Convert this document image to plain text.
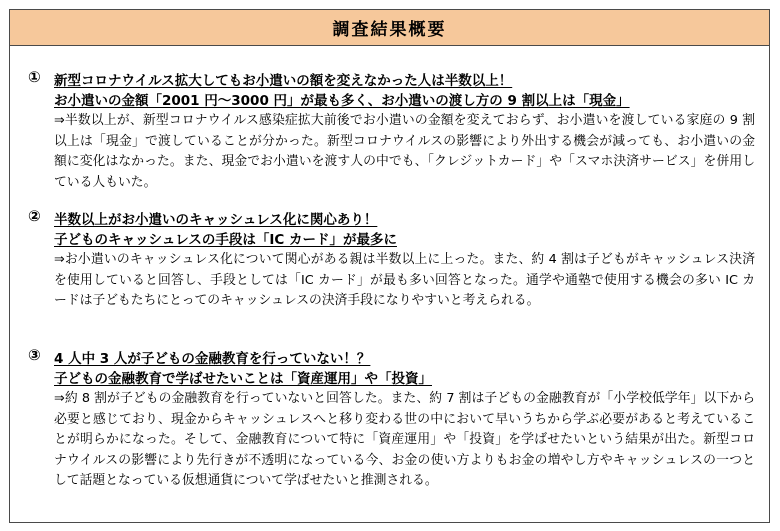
調査結果概要
① 新型コロナウイルス拡大してもお小遣いの額を変えなかった人は半数以上！
お小遣いの金額「2001 円～3000 円」が最も多く、お小遣いの渡し方の 9 割以上は「現金」
⇒半数以上が、新型コロナウイルス感染症拡大前後でお小遣いの金額を変えておらず、お小遣いを渡している家庭の 9 割以上は「現金」で渡していることが分かった。新型コロナウイルスの影響により外出する機会が減っても、お小遣いの金額に変化はなかった。また、現金でお小遣いを渡す人の中でも、「クレジットカード」や「スマホ決済サービス」を併用している人もいた。
② 半数以上がお小遣いのキャッシュレス化に関心あり！
子どものキャッシュレスの手段は「IC カード」が最多に
⇒お小遣いのキャッシュレス化について関心がある親は半数以上に上った。また、約 4 割は子どもがキャッシュレス決済を使用していると回答し、手段としては「IC カード」が最も多い回答となった。通学や通塾で使用する機会の多い IC カードは子どもたちにとってのキャッシュレスの決済手段になりやすいと考えられる。
③ 4 人中 3 人が子どもの金融教育を行っていない！？
子どもの金融教育で学ばせたいことは「資産運用」や「投資」
⇒約 8 割が子どもの金融教育を行っていないと回答した。また、約 7 割は子どもの金融教育が「小学校低学年」以下から必要と感じており、現金からキャッシュレスへと移り変わる世の中において早いうちから学ぶ必要があると考えていることが明らかになった。そして、金融教育について特に「資産運用」や「投資」を学ばせたいという結果が出た。新型コロナウイルスの影響により先行きが不透明になっている今、お金の使い方よりもお金の増やし方やキャッシュレスの一つとして話題となっている仮想通貨について学ばせたいと推測される。
